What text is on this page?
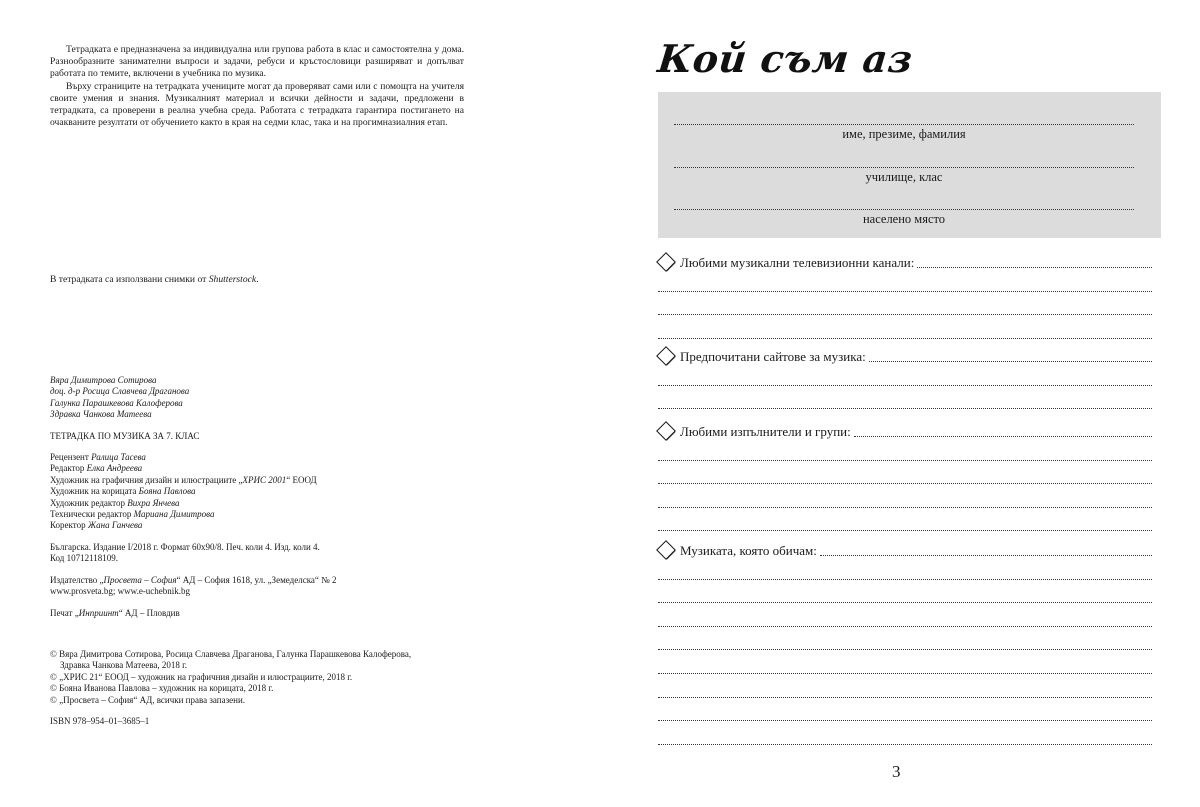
Тетрадката е предназначена за индивидуална или групова работа в клас и самостоятелна у дома. Разнообразните занимателни въпроси и задачи, ребуси и кръстословици разширяват и допълват работата по темите, включени в учебника по музика.

Върху страниците на тетрадката учениците могат да проверяват сами или с помощта на учителя своите умения и знания. Музикалният материал и всички дейности и задачи, предложени в тетрадката, са проверени в реална учебна среда. Работата с тетрадката гарантира постигането на очакваните резултати от обучението както в края на седми клас, така и на прогимназиалния етап.

В тетрадката са използвани снимки от Shutterstock.
Вяра Димитрова Сотирова
доц. д-р Росица Славчева Драганова
Галунка Парашкевова Калоферова
Здравка Чанкова Матеева
ТЕТРАДКА ПО МУЗИКА ЗА 7. КЛАС
Рецензент Ралица Тасева
Редактор Елка Андреева
Художник на графичния дизайн и илюстрациите „ХРИС 2001“ ЕООД
Художник на корицата Бояна Павлова
Художник редактор Вихра Янчева
Технически редактор Мариана Димитрова
Коректор Жана Ганчева
Българска. Издание I/2018 г. Формат 60х90/8. Печ. коли 4. Изд. коли 4.
Код 10712118109.
Издателство „Просвета – София“ АД – София 1618, ул. „Земеделска“ № 2
www.prosveta.bg; www.e-uchebnik.bg
Печат „Инприинт“ АД – Пловдив
© Вяра Димитрова Сотирова, Росица Славчева Драганова, Галунка Парашкевова Калоферова,
Здравка Чанкова Матеева, 2018 г.
© „ХРИС 21“ ЕООД – художник на графичния дизайн и илюстрациите, 2018 г.
© Бояна Иванова Павлова – художник на корицата, 2018 г.
© „Просвета – София“ АД, всички права запазени.
ISBN 978–954–01–3685–1
Кой съм аз
име, презиме, фамилия
училище, клас
населено място
Любими музикални телевизионни канали:
Предпочитани сайтове за музика:
Любими изпълнители и групи:
Музиката, която обичам:
3
